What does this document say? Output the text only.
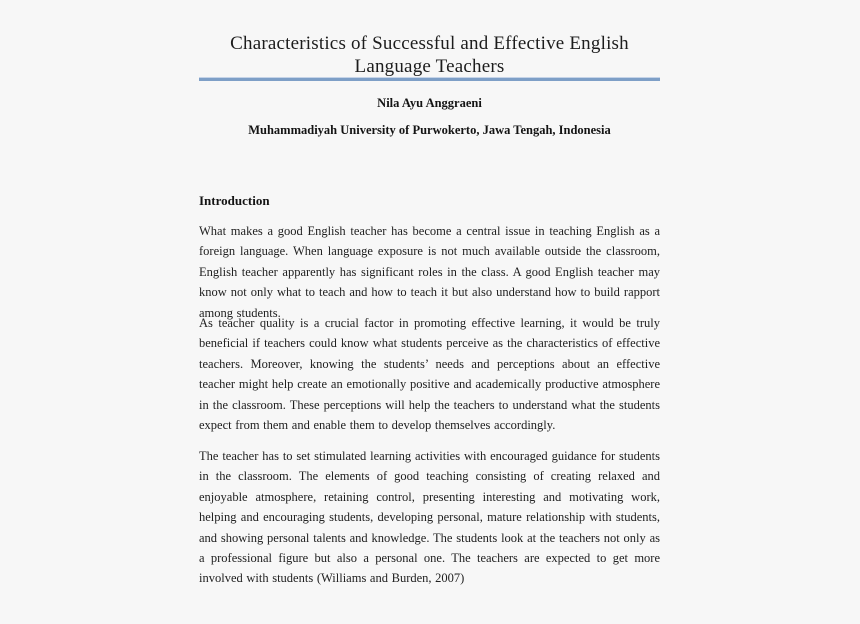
Characteristics of Successful and Effective English
Language Teachers

Nila Ayu Anggraeni

Muhammadiyah University of Purwokerto, Jawa Tengah, Indonesia

Introduction

What makes a good English teacher has become a central issue in teaching English as a foreign language. When language exposure is not much available outside the classroom, English teacher apparently has significant roles in the class. A good English teacher may know not only what to teach and how to teach it but also understand how to build rapport among students.

As teacher quality is a crucial factor in promoting effective learning, it would be truly beneficial if teachers could know what students perceive as the characteristics of effective teachers. Moreover, knowing the students’ needs and perceptions about an effective teacher might help create an emotionally positive and academically productive atmosphere in the classroom. These perceptions will help the teachers to understand what the students expect from them and enable them to develop themselves accordingly.

The teacher has to set stimulated learning activities with encouraged guidance for students in the classroom. The elements of good teaching consisting of creating relaxed and enjoyable atmosphere, retaining control, presenting interesting and motivating work, helping and encouraging students, developing personal, mature relationship with students, and showing personal talents and knowledge. The students look at the teachers not only as a professional figure but also a personal one. The teachers are expected to get more involved with students (Williams and Burden, 2007)
